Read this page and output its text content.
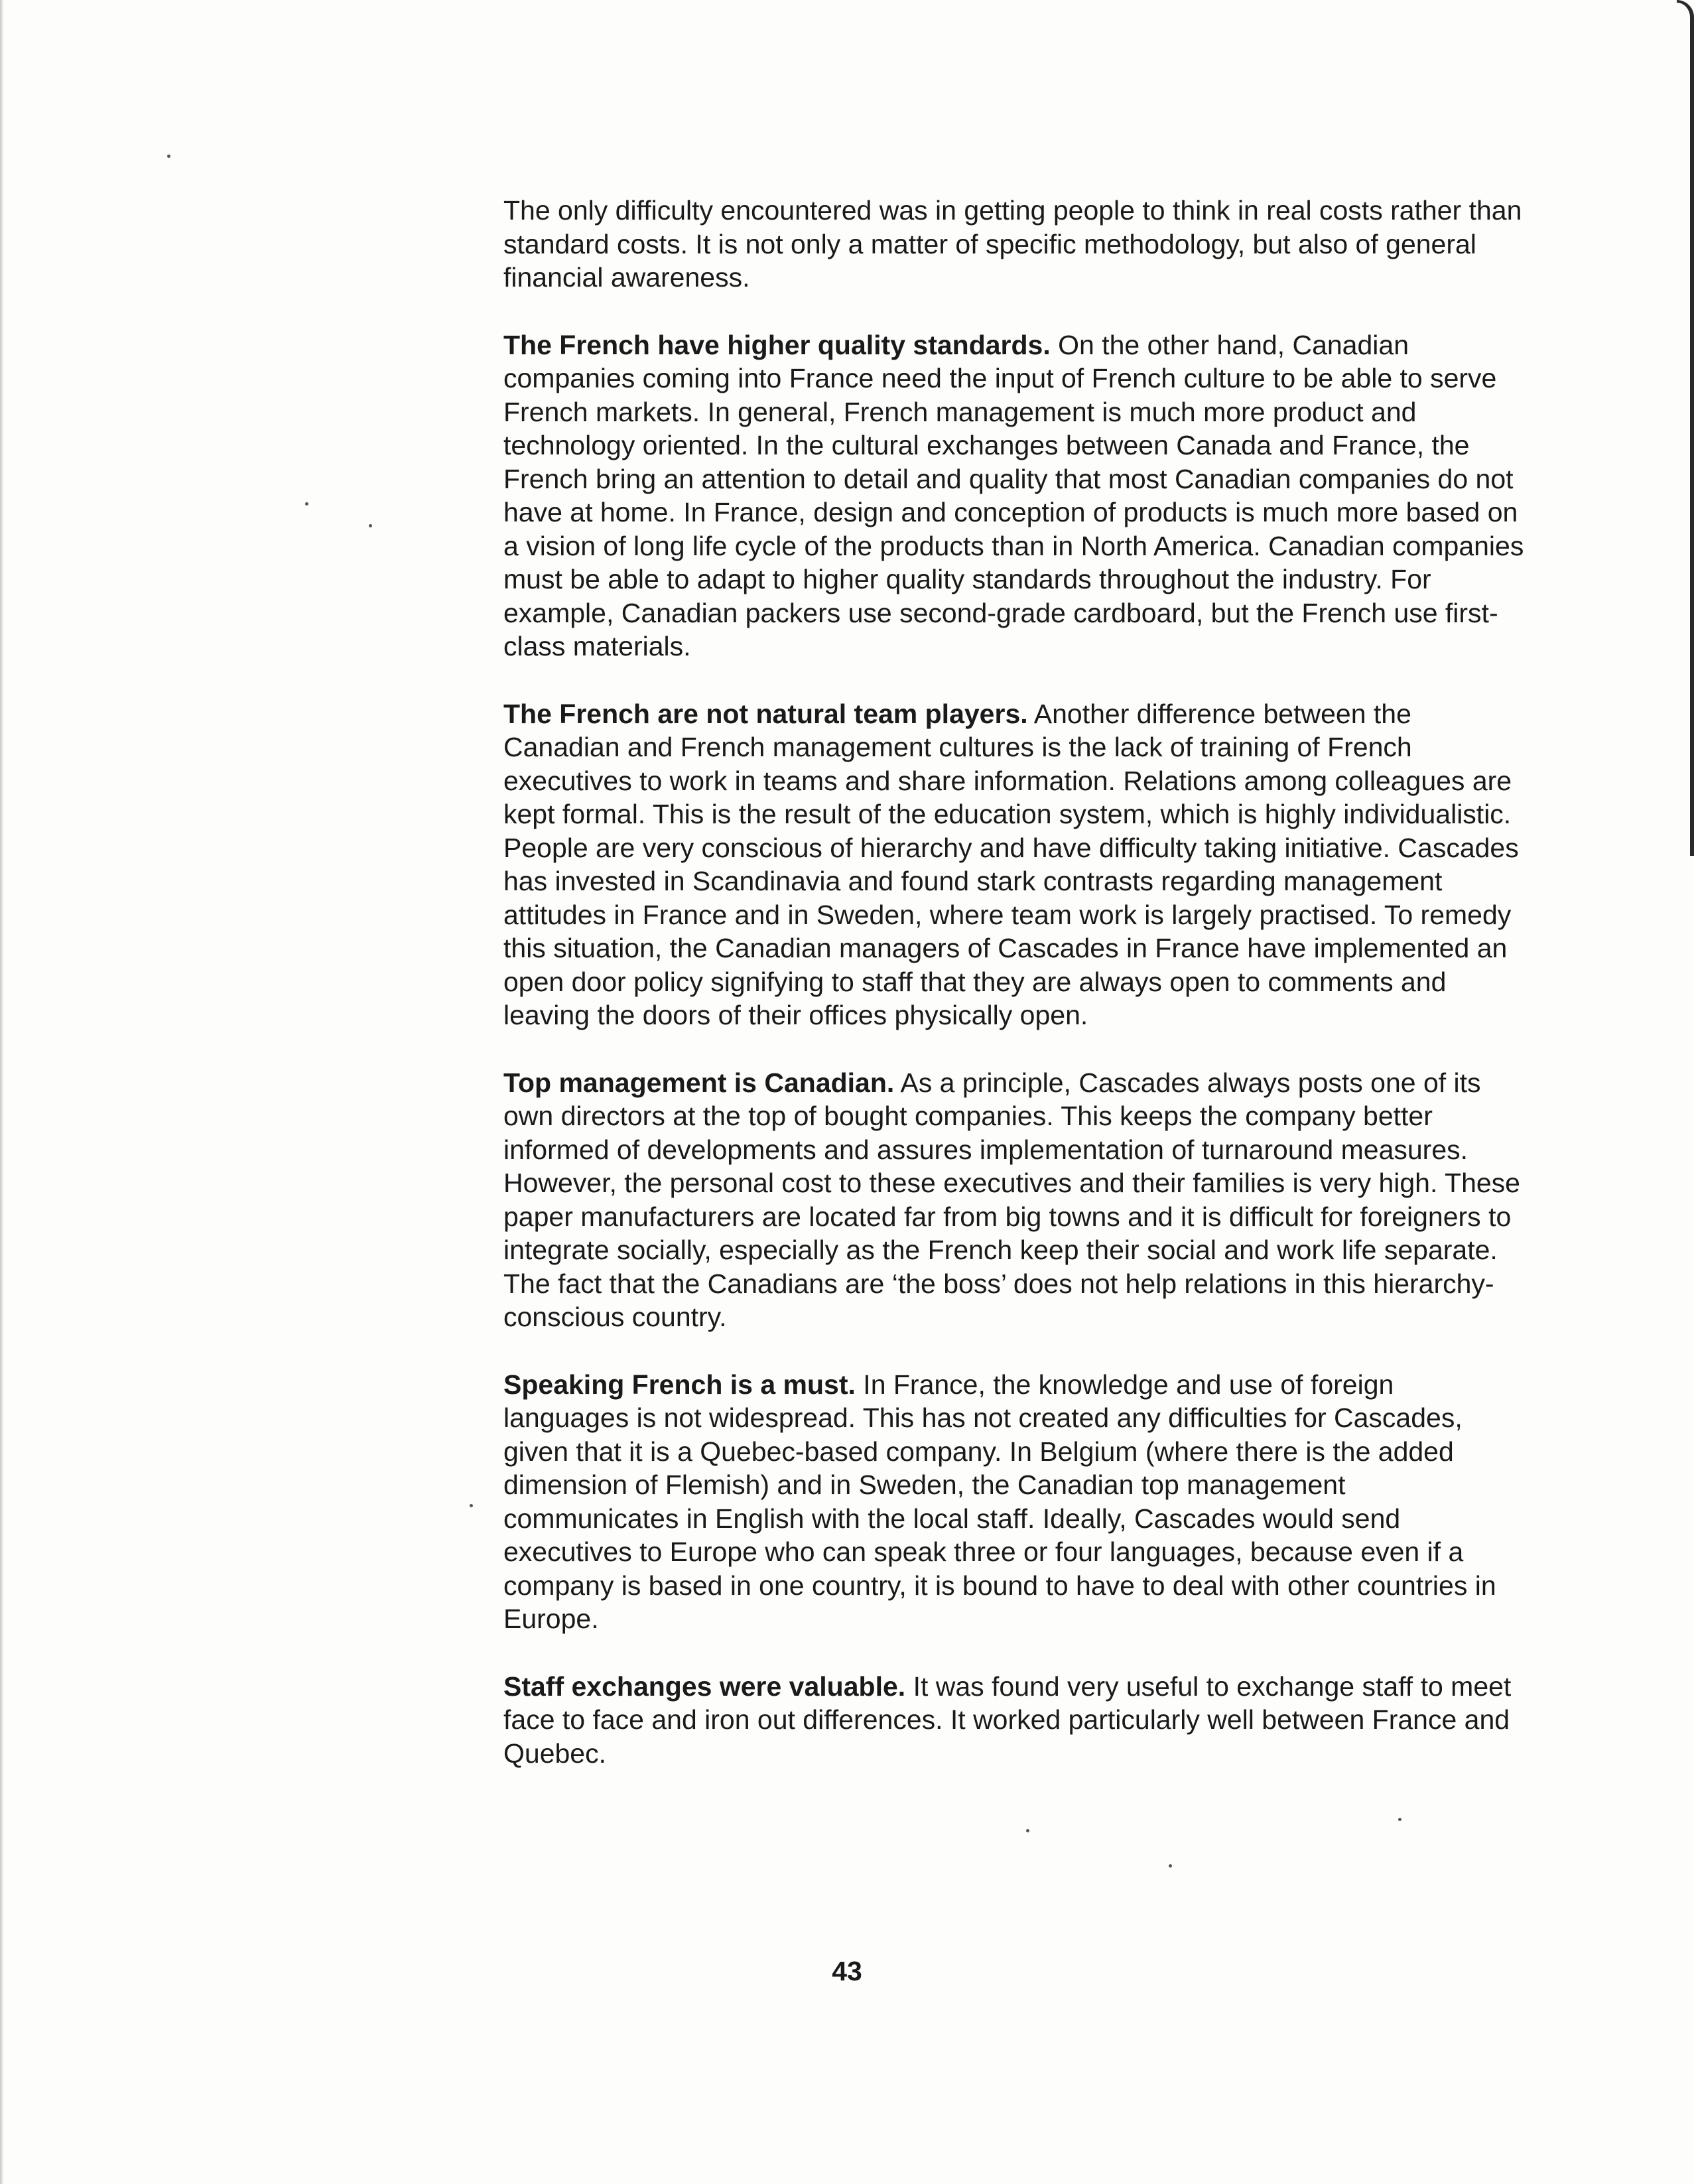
The only difficulty encountered was in getting people to think in real costs rather than standard costs. It is not only a matter of specific methodology, but also of general financial awareness.

The French have higher quality standards. On the other hand, Canadian companies coming into France need the input of French culture to be able to serve French markets. In general, French management is much more product and technology oriented. In the cultural exchanges between Canada and France, the French bring an attention to detail and quality that most Canadian companies do not have at home. In France, design and conception of products is much more based on a vision of long life cycle of the products than in North America. Canadian companies must be able to adapt to higher quality standards throughout the industry. For example, Canadian packers use second-grade cardboard, but the French use first-class materials.

The French are not natural team players. Another difference between the Canadian and French management cultures is the lack of training of French executives to work in teams and share information. Relations among colleagues are kept formal. This is the result of the education system, which is highly individualistic. People are very conscious of hierarchy and have difficulty taking initiative. Cascades has invested in Scandinavia and found stark contrasts regarding management attitudes in France and in Sweden, where team work is largely practised. To remedy this situation, the Canadian managers of Cascades in France have implemented an open door policy signifying to staff that they are always open to comments and leaving the doors of their offices physically open.

Top management is Canadian. As a principle, Cascades always posts one of its own directors at the top of bought companies. This keeps the company better informed of developments and assures implementation of turnaround measures. However, the personal cost to these executives and their families is very high. These paper manufacturers are located far from big towns and it is difficult for foreigners to integrate socially, especially as the French keep their social and work life separate. The fact that the Canadians are ‘the boss’ does not help relations in this hierarchy-conscious country.

Speaking French is a must. In France, the knowledge and use of foreign languages is not widespread. This has not created any difficulties for Cascades, given that it is a Quebec-based company. In Belgium (where there is the added dimension of Flemish) and in Sweden, the Canadian top management communicates in English with the local staff. Ideally, Cascades would send executives to Europe who can speak three or four languages, because even if a company is based in one country, it is bound to have to deal with other countries in Europe.

Staff exchanges were valuable. It was found very useful to exchange staff to meet face to face and iron out differences. It worked particularly well between France and Quebec.

43
